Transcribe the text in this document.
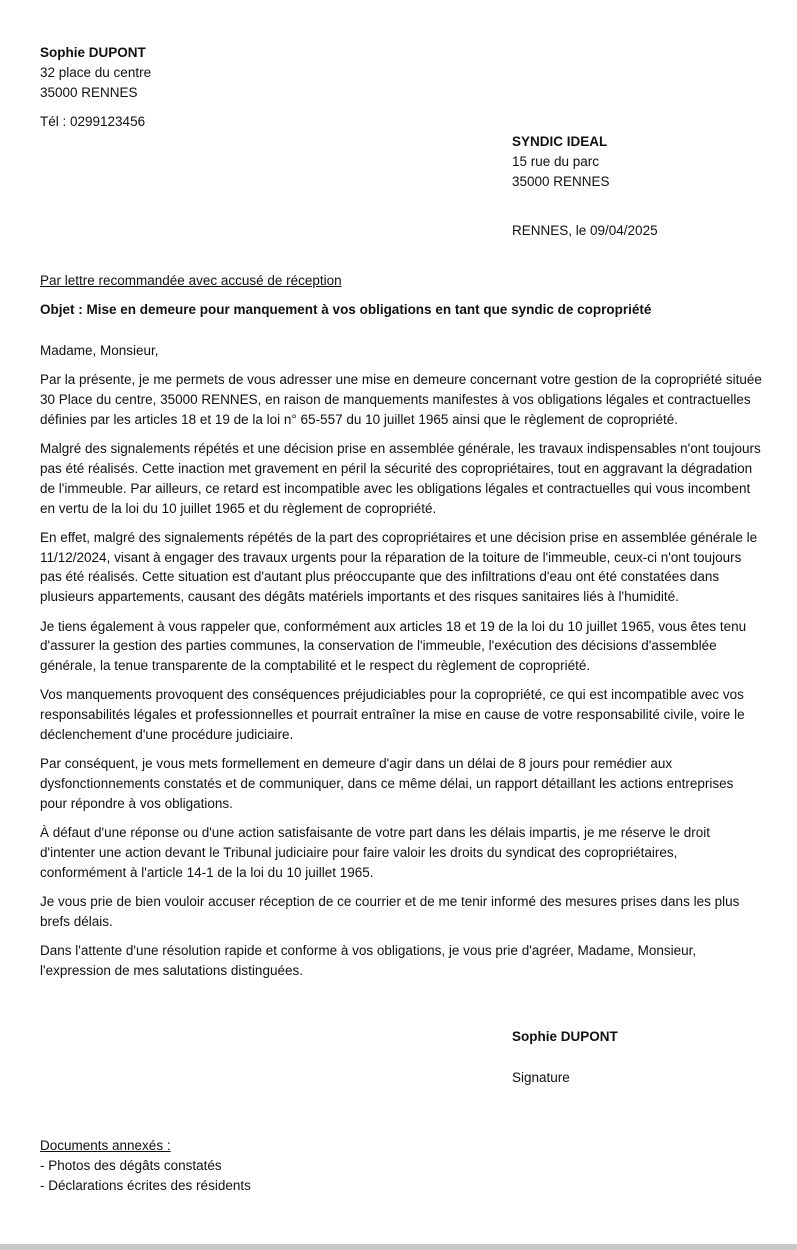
Sophie DUPONT
32 place du centre
35000 RENNES
Tél : 0299123456
SYNDIC IDEAL
15 rue du parc
35000 RENNES
RENNES, le 09/04/2025
Par lettre recommandée avec accusé de réception
Objet : Mise en demeure pour manquement à vos obligations en tant que syndic de copropriété

Madame, Monsieur,

Par la présente, je me permets de vous adresser une mise en demeure concernant votre gestion de la copropriété située 30 Place du centre, 35000 RENNES, en raison de manquements manifestes à vos obligations légales et contractuelles définies par les articles 18 et 19 de la loi n° 65-557 du 10 juillet 1965 ainsi que le règlement de copropriété.

Malgré des signalements répétés et une décision prise en assemblée générale, les travaux indispensables n'ont toujours pas été réalisés. Cette inaction met gravement en péril la sécurité des copropriétaires, tout en aggravant la dégradation de l'immeuble. Par ailleurs, ce retard est incompatible avec les obligations légales et contractuelles qui vous incombent en vertu de la loi du 10 juillet 1965 et du règlement de copropriété.

En effet, malgré des signalements répétés de la part des copropriétaires et une décision prise en assemblée générale le 11/12/2024, visant à engager des travaux urgents pour la réparation de la toiture de l'immeuble, ceux-ci n'ont toujours pas été réalisés. Cette situation est d'autant plus préoccupante que des infiltrations d'eau ont été constatées dans plusieurs appartements, causant des dégâts matériels importants et des risques sanitaires liés à l'humidité.

Je tiens également à vous rappeler que, conformément aux articles 18 et 19 de la loi du 10 juillet 1965, vous êtes tenu d'assurer la gestion des parties communes, la conservation de l'immeuble, l'exécution des décisions d'assemblée générale, la tenue transparente de la comptabilité et le respect du règlement de copropriété.

Vos manquements provoquent des conséquences préjudiciables pour la copropriété, ce qui est incompatible avec vos responsabilités légales et professionnelles et pourrait entraîner la mise en cause de votre responsabilité civile, voire le déclenchement d'une procédure judiciaire.

Par conséquent, je vous mets formellement en demeure d'agir dans un délai de 8 jours pour remédier aux dysfonctionnements constatés et de communiquer, dans ce même délai, un rapport détaillant les actions entreprises pour répondre à vos obligations.

À défaut d'une réponse ou d'une action satisfaisante de votre part dans les délais impartis, je me réserve le droit d'intenter une action devant le Tribunal judiciaire pour faire valoir les droits du syndicat des copropriétaires, conformément à l'article 14-1 de la loi du 10 juillet 1965.

Je vous prie de bien vouloir accuser réception de ce courrier et de me tenir informé des mesures prises dans les plus brefs délais.

Dans l'attente d'une résolution rapide et conforme à vos obligations, je vous prie d'agréer, Madame, Monsieur, l'expression de mes salutations distinguées.

Sophie DUPONT
Signature
Documents annexés :
- Photos des dégâts constatés
- Déclarations écrites des résidents
